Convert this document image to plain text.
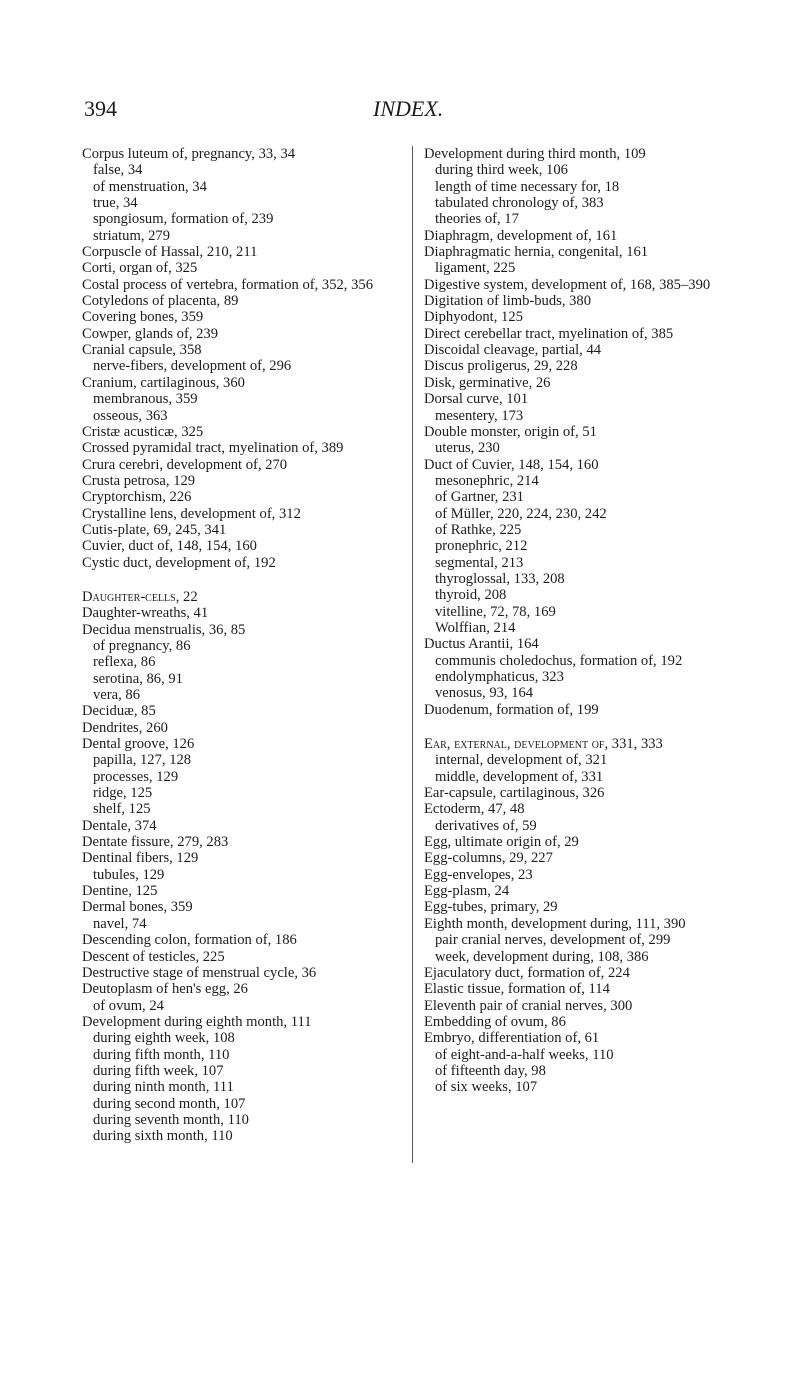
394	INDEX.
Corpus luteum of, pregnancy, 33, 34
false, 34
of menstruation, 34
true, 34
spongiosum, formation of, 239
striatum, 279
Corpuscle of Hassal, 210, 211
Corti, organ of, 325
Costal process of vertebra, formation of, 352, 356
Cotyledons of placenta, 89
Covering bones, 359
Cowper, glands of, 239
Cranial capsule, 358
nerve-fibers, development of, 296
Cranium, cartilaginous, 360
membranous, 359
osseous, 363
Cristæ acusticæ, 325
Crossed pyramidal tract, myelination of, 389
Crura cerebri, development of, 270
Crusta petrosa, 129
Cryptorchism, 226
Crystalline lens, development of, 312
Cutis-plate, 69, 245, 341
Cuvier, duct of, 148, 154, 160
Cystic duct, development of, 192
Daughter-cells, 22
Daughter-wreaths, 41
Decidua menstrualis, 36, 85
of pregnancy, 86
reflexa, 86
serotina, 86, 91
vera, 86
Deciduæ, 85
Dendrites, 260
Dental groove, 126
papilla, 127, 128
processes, 129
ridge, 125
shelf, 125
Dentale, 374
Dentate fissure, 279, 283
Dentinal fibers, 129
tubules, 129
Dentine, 125
Dermal bones, 359
navel, 74
Descending colon, formation of, 186
Descent of testicles, 225
Destructive stage of menstrual cycle, 36
Deutoplasm of hen's egg, 26
of ovum, 24
Development during eighth month, 111
during eighth week, 108
during fifth month, 110
during fifth week, 107
during ninth month, 111
during second month, 107
during seventh month, 110
during sixth month, 110
Development during third month, 109
during third week, 106
length of time necessary for, 18
tabulated chronology of, 383
theories of, 17
Diaphragm, development of, 161
Diaphragmatic hernia, congenital, 161
ligament, 225
Digestive system, development of, 168, 385–390
Digitation of limb-buds, 380
Diphyodont, 125
Direct cerebellar tract, myelination of, 385
Discoidal cleavage, partial, 44
Discus proligerus, 29, 228
Disk, germinative, 26
Dorsal curve, 101
mesentery, 173
Double monster, origin of, 51
uterus, 230
Duct of Cuvier, 148, 154, 160
mesonephric, 214
of Gartner, 231
of Müller, 220, 224, 230, 242
of Rathke, 225
pronephric, 212
segmental, 213
thyroglossal, 133, 208
thyroid, 208
vitelline, 72, 78, 169
Wolffian, 214
Ductus Arantii, 164
communis choledochus, formation of, 192
endolymphaticus, 323
venosus, 93, 164
Duodenum, formation of, 199
Ear, external, development of, 331, 333
internal, development of, 321
middle, development of, 331
Ear-capsule, cartilaginous, 326
Ectoderm, 47, 48
derivatives of, 59
Egg, ultimate origin of, 29
Egg-columns, 29, 227
Egg-envelopes, 23
Egg-plasm, 24
Egg-tubes, primary, 29
Eighth month, development during, 111, 390
pair cranial nerves, development of, 299
week, development during, 108, 386
Ejaculatory duct, formation of, 224
Elastic tissue, formation of, 114
Eleventh pair of cranial nerves, 300
Embedding of ovum, 86
Embryo, differentiation of, 61
of eight-and-a-half weeks, 110
of fifteenth day, 98
of six weeks, 107
